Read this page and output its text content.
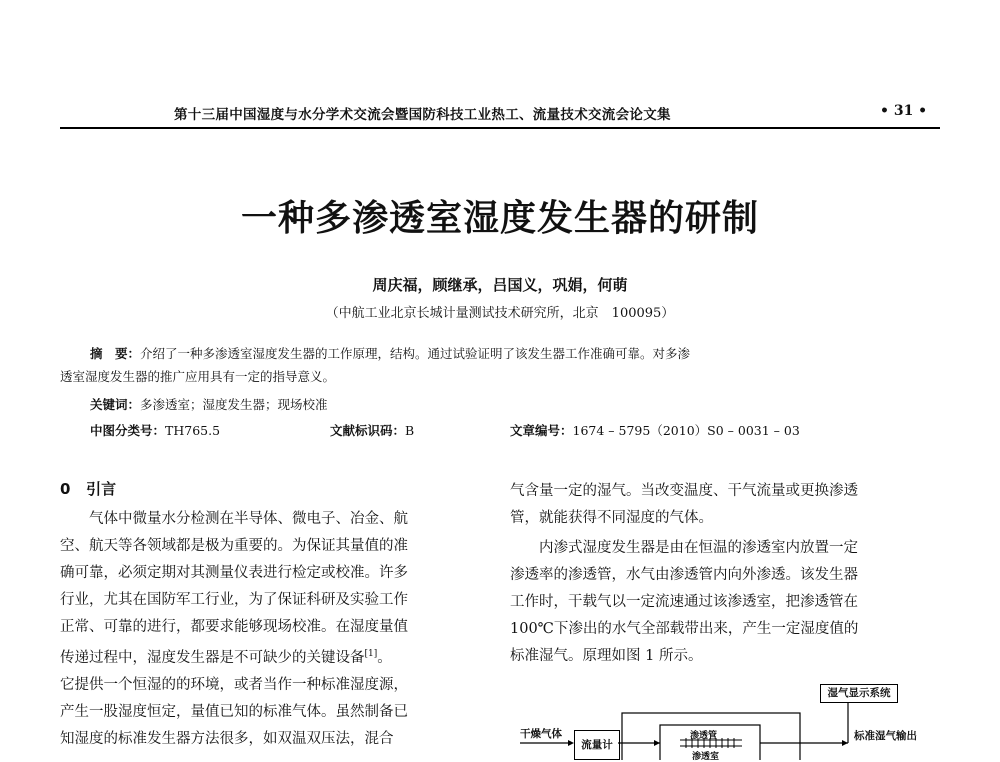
第十三届中国湿度与水分学术交流会暨国防科技工业热工、流量技术交流会论文集	• 31 •
一种多渗透室湿度发生器的研制
周庆福，顾继承，吕国义，巩娟，何萌
（中航工业北京长城计量测试技术研究所，北京　100095）
摘　要：介绍了一种多渗透室湿度发生器的工作原理，结构。通过试验证明了该发生器工作准确可靠。对多渗
透室湿度发生器的推广应用具有一定的指导意义。
关键词：多渗透室；湿度发生器；现场校准
中图分类号：TH765.5	文献标识码：B	文章编号：1674 – 5795（2010）S0 – 0031 – 03
0 引言

气体中微量水分检测在半导体、微电子、冶金、航

空、航天等各领域都是极为重要的。为保证其量值的准

确可靠，必须定期对其测量仪表进行检定或校准。许多

行业，尤其在国防军工行业，为了保证科研及实验工作

正常、可靠的进行，都要求能够现场校准。在湿度量值

传递过程中，湿度发生器是不可缺少的关键设备[1]。

它提供一个恒湿的的环境，或者当作一种标准湿度源，

产生一股湿度恒定，量值已知的标准气体。虽然制备已

知湿度的标准发生器方法很多，如双温双压法，混合

气含量一定的湿气。当改变温度、干气流量或更换渗透

管，就能获得不同湿度的气体。

内渗式湿度发生器是由在恒温的渗透室内放置一定

渗透率的渗透管，水气由渗透管内向外渗透。该发生器

工作时，干载气以一定流速通过该渗透室，把渗透管在

100℃下渗出的水气全部载带出来，产生一定湿度值的

标准湿气。原理如图 1 所示。

湿气显示系统
流量计
干燥气体	渗透管
渗透室
标准湿气输出
